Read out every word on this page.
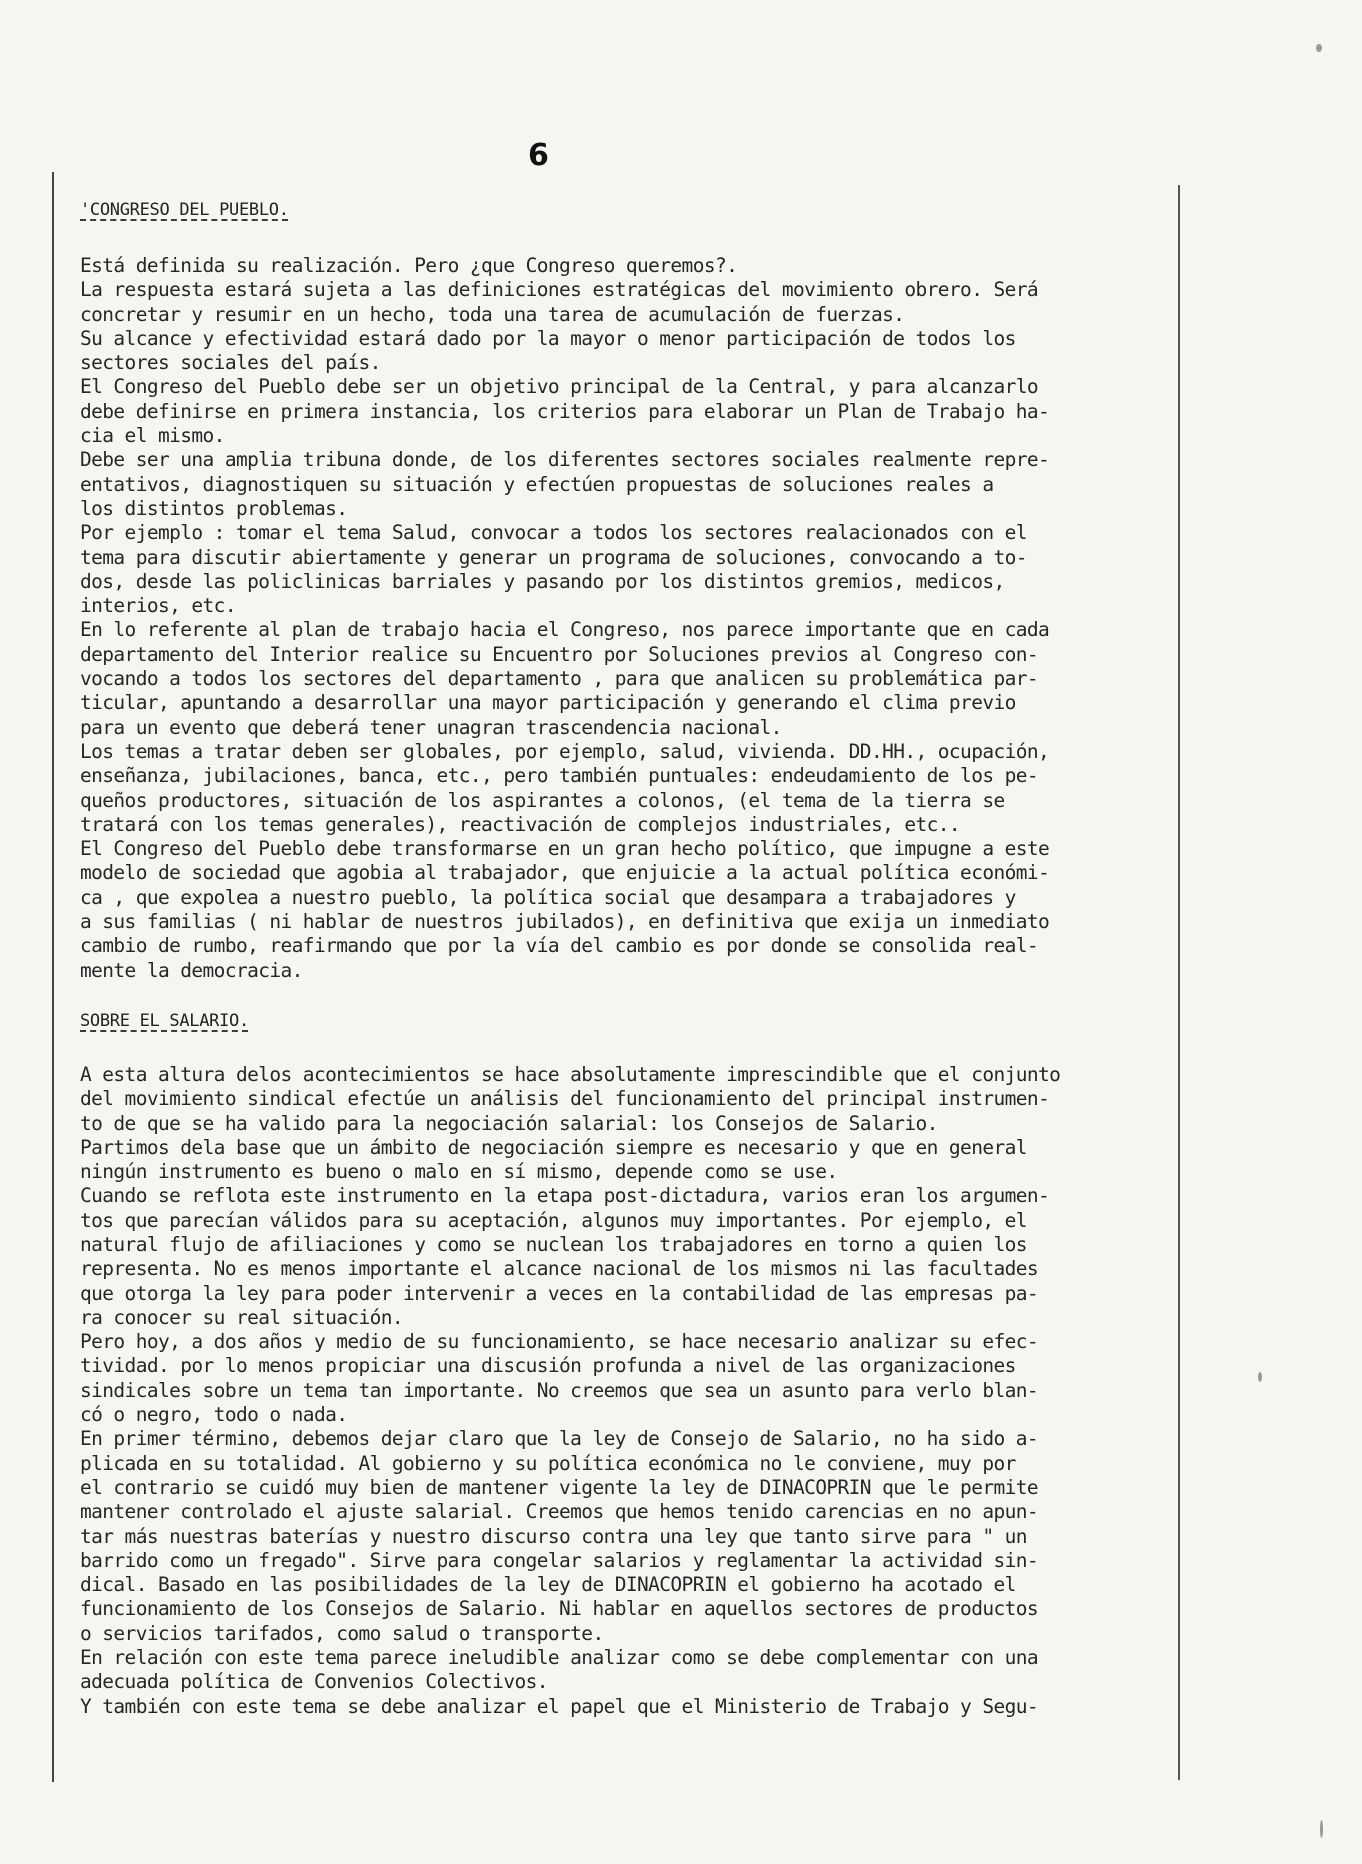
6
'CONGRESO DEL PUEBLO.
Está definida su realización. Pero ¿que Congreso queremos?.
La respuesta estará sujeta a las definiciones estratégicas del movimiento obrero. Será
concretar y resumir en un hecho, toda una tarea de acumulación de fuerzas.
Su alcance y efectividad estará dado por la mayor o menor participación de todos los
sectores sociales del país.
El Congreso del Pueblo debe ser un objetivo principal de la Central, y para alcanzarlo
debe definirse en primera instancia, los criterios para elaborar un Plan de Trabajo ha-
cia el mismo.
Debe ser una amplia tribuna donde, de los diferentes sectores sociales realmente repre-
entativos, diagnostiquen su situación y efectúen propuestas de soluciones reales a
los distintos problemas.
Por ejemplo : tomar el tema Salud, convocar a todos los sectores realacionados con el
tema para discutir abiertamente y generar un programa de soluciones, convocando a to-
dos, desde las policlinicas barriales y pasando por los distintos gremios, medicos,
interios, etc.
En lo referente al plan de trabajo hacia el Congreso, nos parece importante que en cada
departamento del Interior realice su Encuentro por Soluciones previos al Congreso con-
vocando a todos los sectores del departamento , para que analicen su problemática par-
ticular, apuntando a desarrollar una mayor participación y generando el clima previo
para un evento que deberá tener unagran trascendencia nacional.
Los temas a tratar deben ser globales, por ejemplo, salud, vivienda. DD.HH., ocupación,
enseñanza, jubilaciones, banca, etc., pero también puntuales: endeudamiento de los pe-
queños productores, situación de los aspirantes a colonos, (el tema de la tierra se
tratará con los temas generales), reactivación de complejos industriales, etc..
El Congreso del Pueblo debe transformarse en un gran hecho político, que impugne a este
modelo de sociedad que agobia al trabajador, que enjuicie a la actual política económi-
ca , que expolea a nuestro pueblo, la política social que desampara a trabajadores y
a sus familias ( ni hablar de nuestros jubilados), en definitiva que exija un inmediato
cambio de rumbo, reafirmando que por la vía del cambio es por donde se consolida real-
mente la democracia.
SOBRE EL SALARIO.
A esta altura delos acontecimientos se hace absolutamente imprescindible que el conjunto
del movimiento sindical efectúe un análisis del funcionamiento del principal instrumen-
to de que se ha valido para la negociación salarial: los Consejos de Salario.
Partimos dela base que un ámbito de negociación siempre es necesario y que en general
ningún instrumento es bueno o malo en sí mismo, depende como se use.
Cuando se reflota este instrumento en la etapa post-dictadura, varios eran los argumen-
tos que parecían válidos para su aceptación, algunos muy importantes. Por ejemplo, el
natural flujo de afiliaciones y como se nuclean los trabajadores en torno a quien los
representa. No es menos importante el alcance nacional de los mismos ni las facultades
que otorga la ley para poder intervenir a veces en la contabilidad de las empresas pa-
ra conocer su real situación.
Pero hoy, a dos años y medio de su funcionamiento, se hace necesario analizar su efec-
tividad. por lo menos propiciar una discusión profunda a nivel de las organizaciones
sindicales sobre un tema tan importante. No creemos que sea un asunto para verlo blan-
có o negro, todo o nada.
En primer término, debemos dejar claro que la ley de Consejo de Salario, no ha sido a-
plicada en su totalidad. Al gobierno y su política económica no le conviene, muy por
el contrario se cuidó muy bien de mantener vigente la ley de DINACOPRIN que le permite
mantener controlado el ajuste salarial. Creemos que hemos tenido carencias en no apun-
tar más nuestras baterías y nuestro discurso contra una ley que tanto sirve para " un
barrido como un fregado". Sirve para congelar salarios y reglamentar la actividad sin-
dical. Basado en las posibilidades de la ley de DINACOPRIN el gobierno ha acotado el
funcionamiento de los Consejos de Salario. Ni hablar en aquellos sectores de productos
o servicios tarifados, como salud o transporte.
En relación con este tema parece ineludible analizar como se debe complementar con una
adecuada política de Convenios Colectivos.
Y también con este tema se debe analizar el papel que el Ministerio de Trabajo y Segu-
